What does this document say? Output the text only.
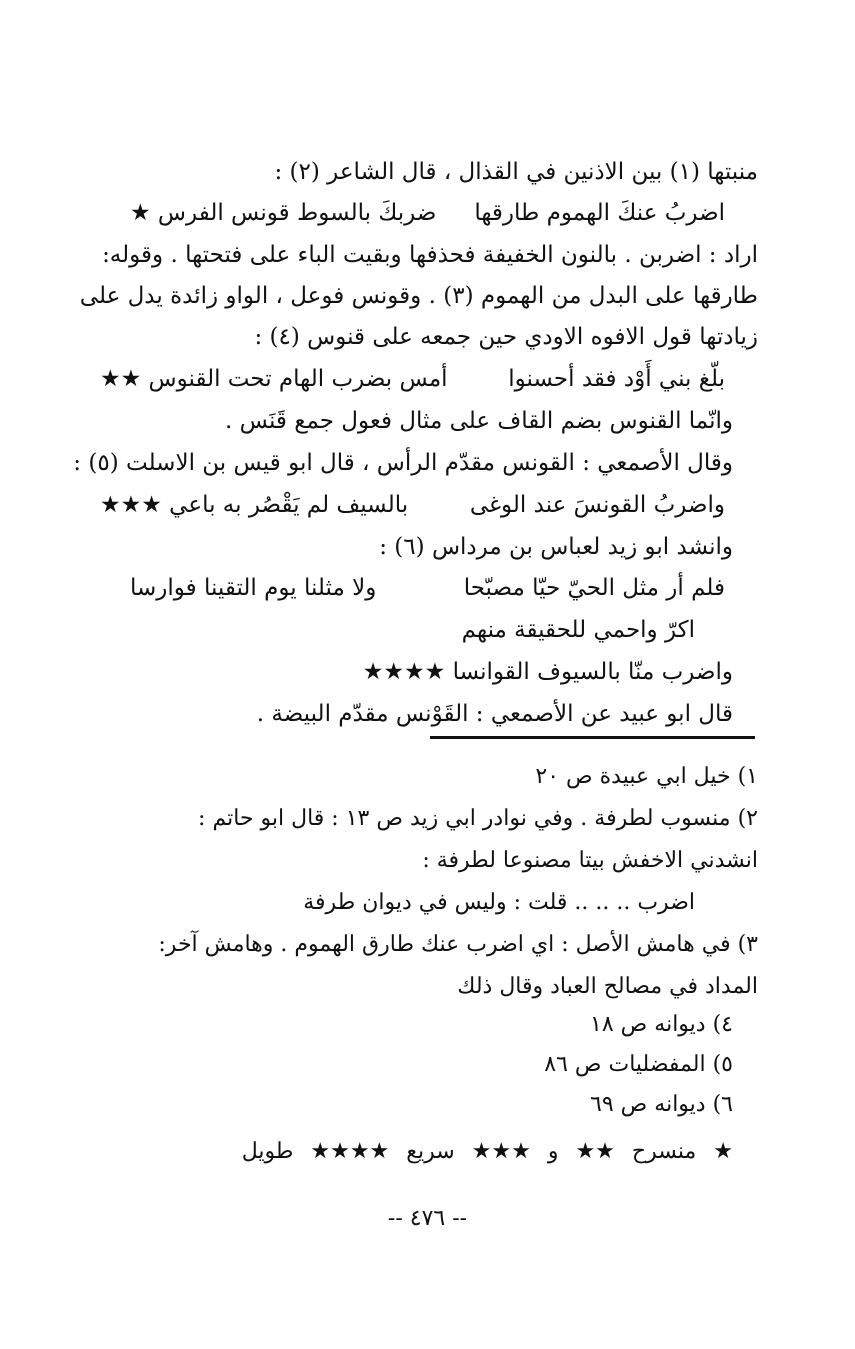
منبتها (١) بين الاذنين في القذال ، قال الشاعر (٢) :
اضربُ عنكَ الهموم طارقها
ضربكَ بالسوط قونس الفرس ★
اراد : اضربن . بالنون الخفيفة فحذفها وبقيت الباء على فتحتها . وقوله:
طارقها على البدل من الهموم (٣) . وقونس فوعل ، الواو زائدة يدل على
زيادتها قول الافوه الاودي حين جمعه على قنوس (٤) :
بلّغ بني أَوْد فقد أحسنوا
أمس بضرب الهام تحت القنوس ★★
وانّما القنوس بضم القاف على مثال فعول جمع قَنَس .
وقال الأصمعي : القونس مقدّم الرأس ، قال ابو قيس بن الاسلت (٥) :
واضربُ القونسَ عند الوغى
بالسيف لم يَقْصُر به باعي ★★★
وانشد ابو زيد لعباس بن مرداس (٦) :
فلم أر مثل الحيّ حيّا مصبّحا
ولا مثلنا يوم التقينا فوارسا
اكرّ واحمي للحقيقة منهم
واضرب منّا بالسيوف القوانسا ★★★★
قال ابو عبيد عن الأصمعي : القَوْنس مقدّم البيضة .
١) خيل ابي عبيدة ص ٢٠
٢) منسوب لطرفة . وفي نوادر ابي زيد ص ١٣ : قال ابو حاتم :
انشدني الاخفش بيتا مصنوعا لطرفة :
اضرب .. .. .. قلت : وليس في ديوان طرفة
٣) في هامش الأصل : اي اضرب عنك طارق الهموم . وهامش آخر:
المداد في مصالح العباد وقال ذلك
٤) ديوانه ص ١٨
٥) المفضليات ص ٨٦
٦) ديوانه ص ٦٩
★ منسرح ★★ و ★★★ سريع ★★★★ طويل
-- ٤٧٦ --
